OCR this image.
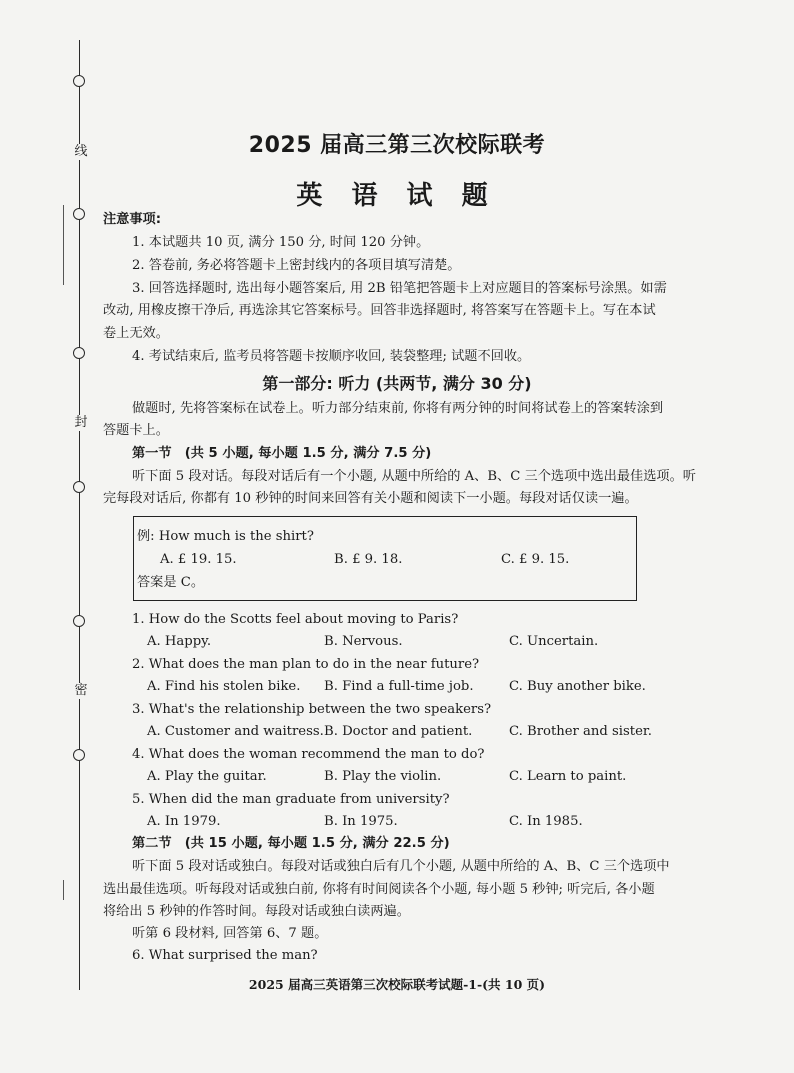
线
封
密
2025 届高三第三次校际联考
英 语 试 题
注意事项:
1. 本试题共 10 页, 满分 150 分, 时间 120 分钟。
2. 答卷前, 务必将答题卡上密封线内的各项目填写清楚。
3. 回答选择题时, 选出每小题答案后, 用 2B 铅笔把答题卡上对应题目的答案标号涂黑。如需
改动, 用橡皮擦干净后, 再选涂其它答案标号。回答非选择题时, 将答案写在答题卡上。写在本试
卷上无效。
4. 考试结束后, 监考员将答题卡按顺序收回, 装袋整理; 试题不回收。
第一部分: 听力 (共两节, 满分 30 分)
做题时, 先将答案标在试卷上。听力部分结束前, 你将有两分钟的时间将试卷上的答案转涂到
答题卡上。
第一节　(共 5 小题, 每小题 1.5 分, 满分 7.5 分)
听下面 5 段对话。每段对话后有一个小题, 从题中所给的 A、B、C 三个选项中选出最佳选项。听
完每段对话后, 你都有 10 秒钟的时间来回答有关小题和阅读下一小题。每段对话仅读一遍。
例: How much is the shirt?
A. £ 19. 15.	B. £ 9. 18.	C. £ 9. 15.
答案是 C。
1. How do the Scotts feel about moving to Paris?
A. Happy.	B. Nervous.	C. Uncertain.
2. What does the man plan to do in the near future?
A. Find his stolen bike. B. Find a full-time job.	C. Buy another bike.
3. What's the relationship between the two speakers?
A. Customer and waitress. B. Doctor and patient.	C. Brother and sister.
4. What does the woman recommend the man to do?
A. Play the guitar.	B. Play the violin.	C. Learn to paint.
5. When did the man graduate from university?
A. In 1979.	B. In 1975.	C. In 1985.
第二节　(共 15 小题, 每小题 1.5 分, 满分 22.5 分)
听下面 5 段对话或独白。每段对话或独白后有几个小题, 从题中所给的 A、B、C 三个选项中
选出最佳选项。听每段对话或独白前, 你将有时间阅读各个小题, 每小题 5 秒钟; 听完后, 各小题
将给出 5 秒钟的作答时间。每段对话或独白读两遍。
听第 6 段材料, 回答第 6、7 题。
6. What surprised the man?
2025 届高三英语第三次校际联考试题-1-(共 10 页)
